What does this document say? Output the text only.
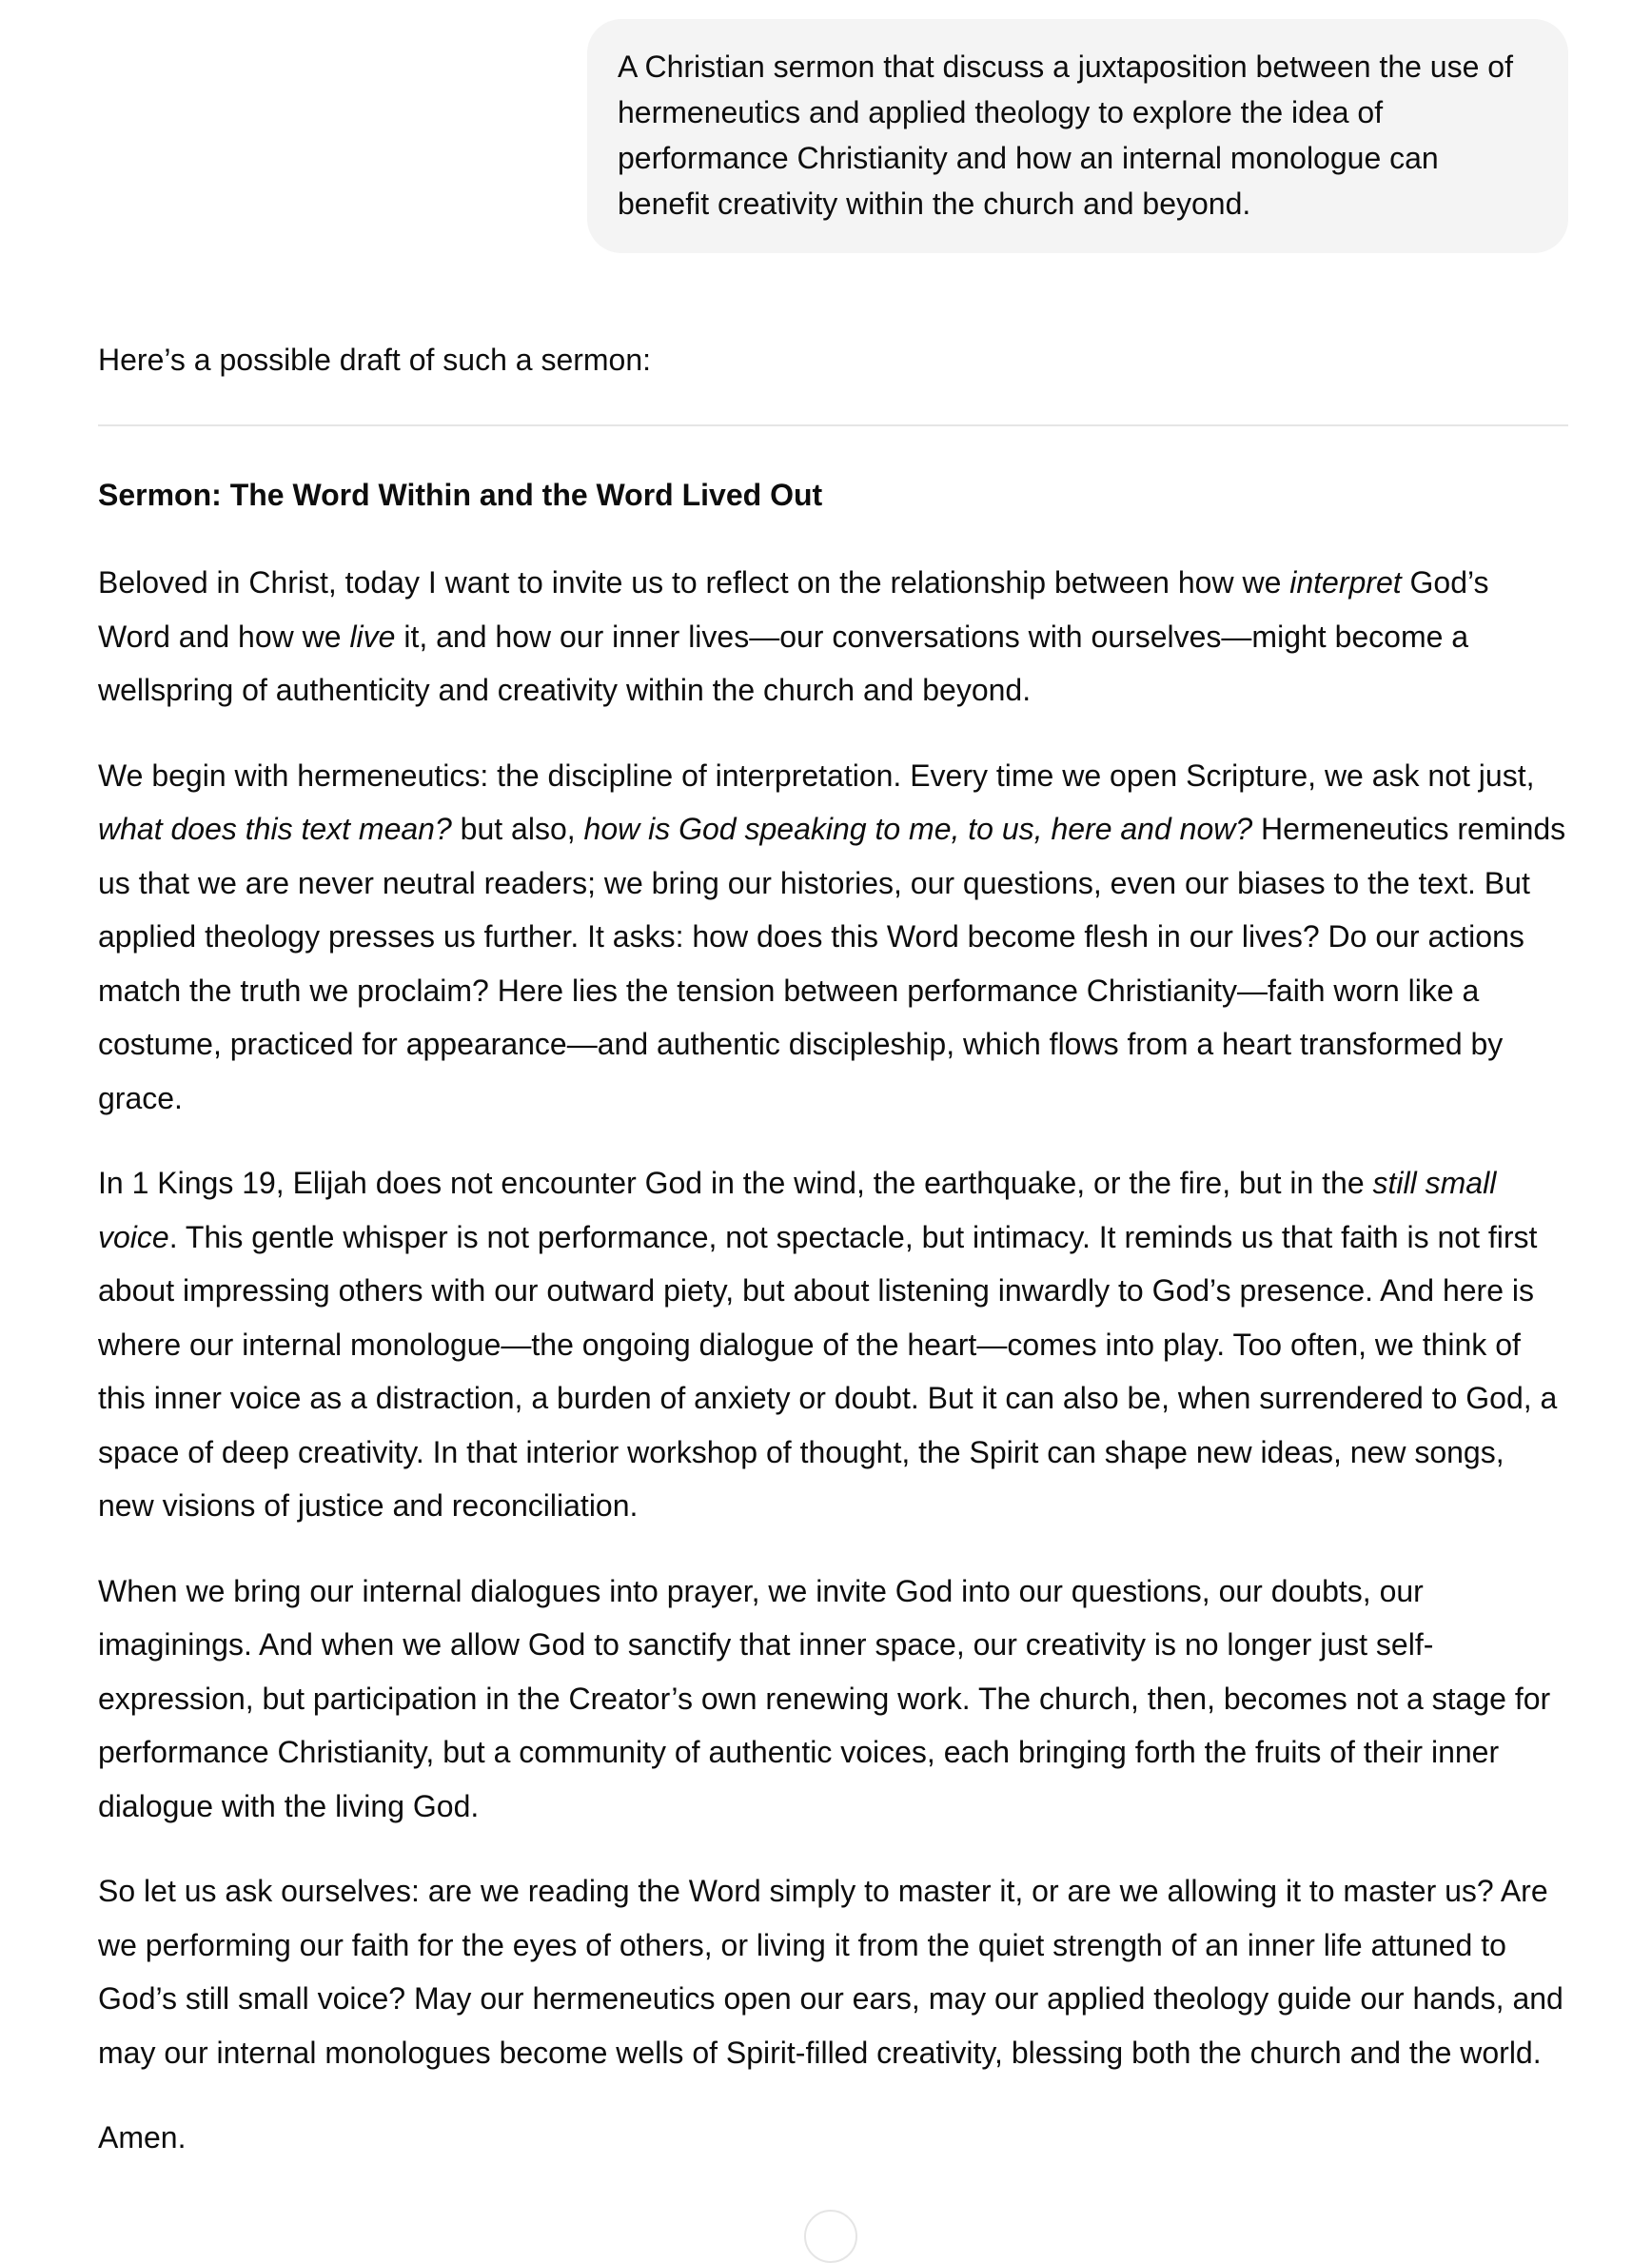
A Christian sermon that discuss a juxtaposition between the use of hermeneutics and applied theology to explore the idea of performance Christianity and how an internal monologue can benefit creativity within the church and beyond.

Here’s a possible draft of such a sermon:

Sermon: The Word Within and the Word Lived Out

Beloved in Christ, today I want to invite us to reflect on the relationship between how we interpret God’s Word and how we live it, and how our inner lives—our conversations with ourselves—might become a wellspring of authenticity and creativity within the church and beyond.

We begin with hermeneutics: the discipline of interpretation. Every time we open Scripture, we ask not just, what does this text mean? but also, how is God speaking to me, to us, here and now? Hermeneutics reminds us that we are never neutral readers; we bring our histories, our questions, even our biases to the text. But applied theology presses us further. It asks: how does this Word become flesh in our lives? Do our actions match the truth we proclaim? Here lies the tension between performance Christianity—faith worn like a costume, practiced for appearance—and authentic discipleship, which flows from a heart transformed by grace.

In 1 Kings 19, Elijah does not encounter God in the wind, the earthquake, or the fire, but in the still small voice. This gentle whisper is not performance, not spectacle, but intimacy. It reminds us that faith is not first about impressing others with our outward piety, but about listening inwardly to God’s presence. And here is where our internal monologue—the ongoing dialogue of the heart—comes into play. Too often, we think of this inner voice as a distraction, a burden of anxiety or doubt. But it can also be, when surrendered to God, a space of deep creativity. In that interior workshop of thought, the Spirit can shape new ideas, new songs, new visions of justice and reconciliation.

When we bring our internal dialogues into prayer, we invite God into our questions, our doubts, our imaginings. And when we allow God to sanctify that inner space, our creativity is no longer just self-expression, but participation in the Creator’s own renewing work. The church, then, becomes not a stage for performance Christianity, but a community of authentic voices, each bringing forth the fruits of their inner dialogue with the living God.

So let us ask ourselves: are we reading the Word simply to master it, or are we allowing it to master us? Are we performing our faith for the eyes of others, or living it from the quiet strength of an inner life attuned to God’s still small voice? May our hermeneutics open our ears, may our applied theology guide our hands, and may our internal monologues become wells of Spirit-filled creativity, blessing both the church and the world.

Amen.
